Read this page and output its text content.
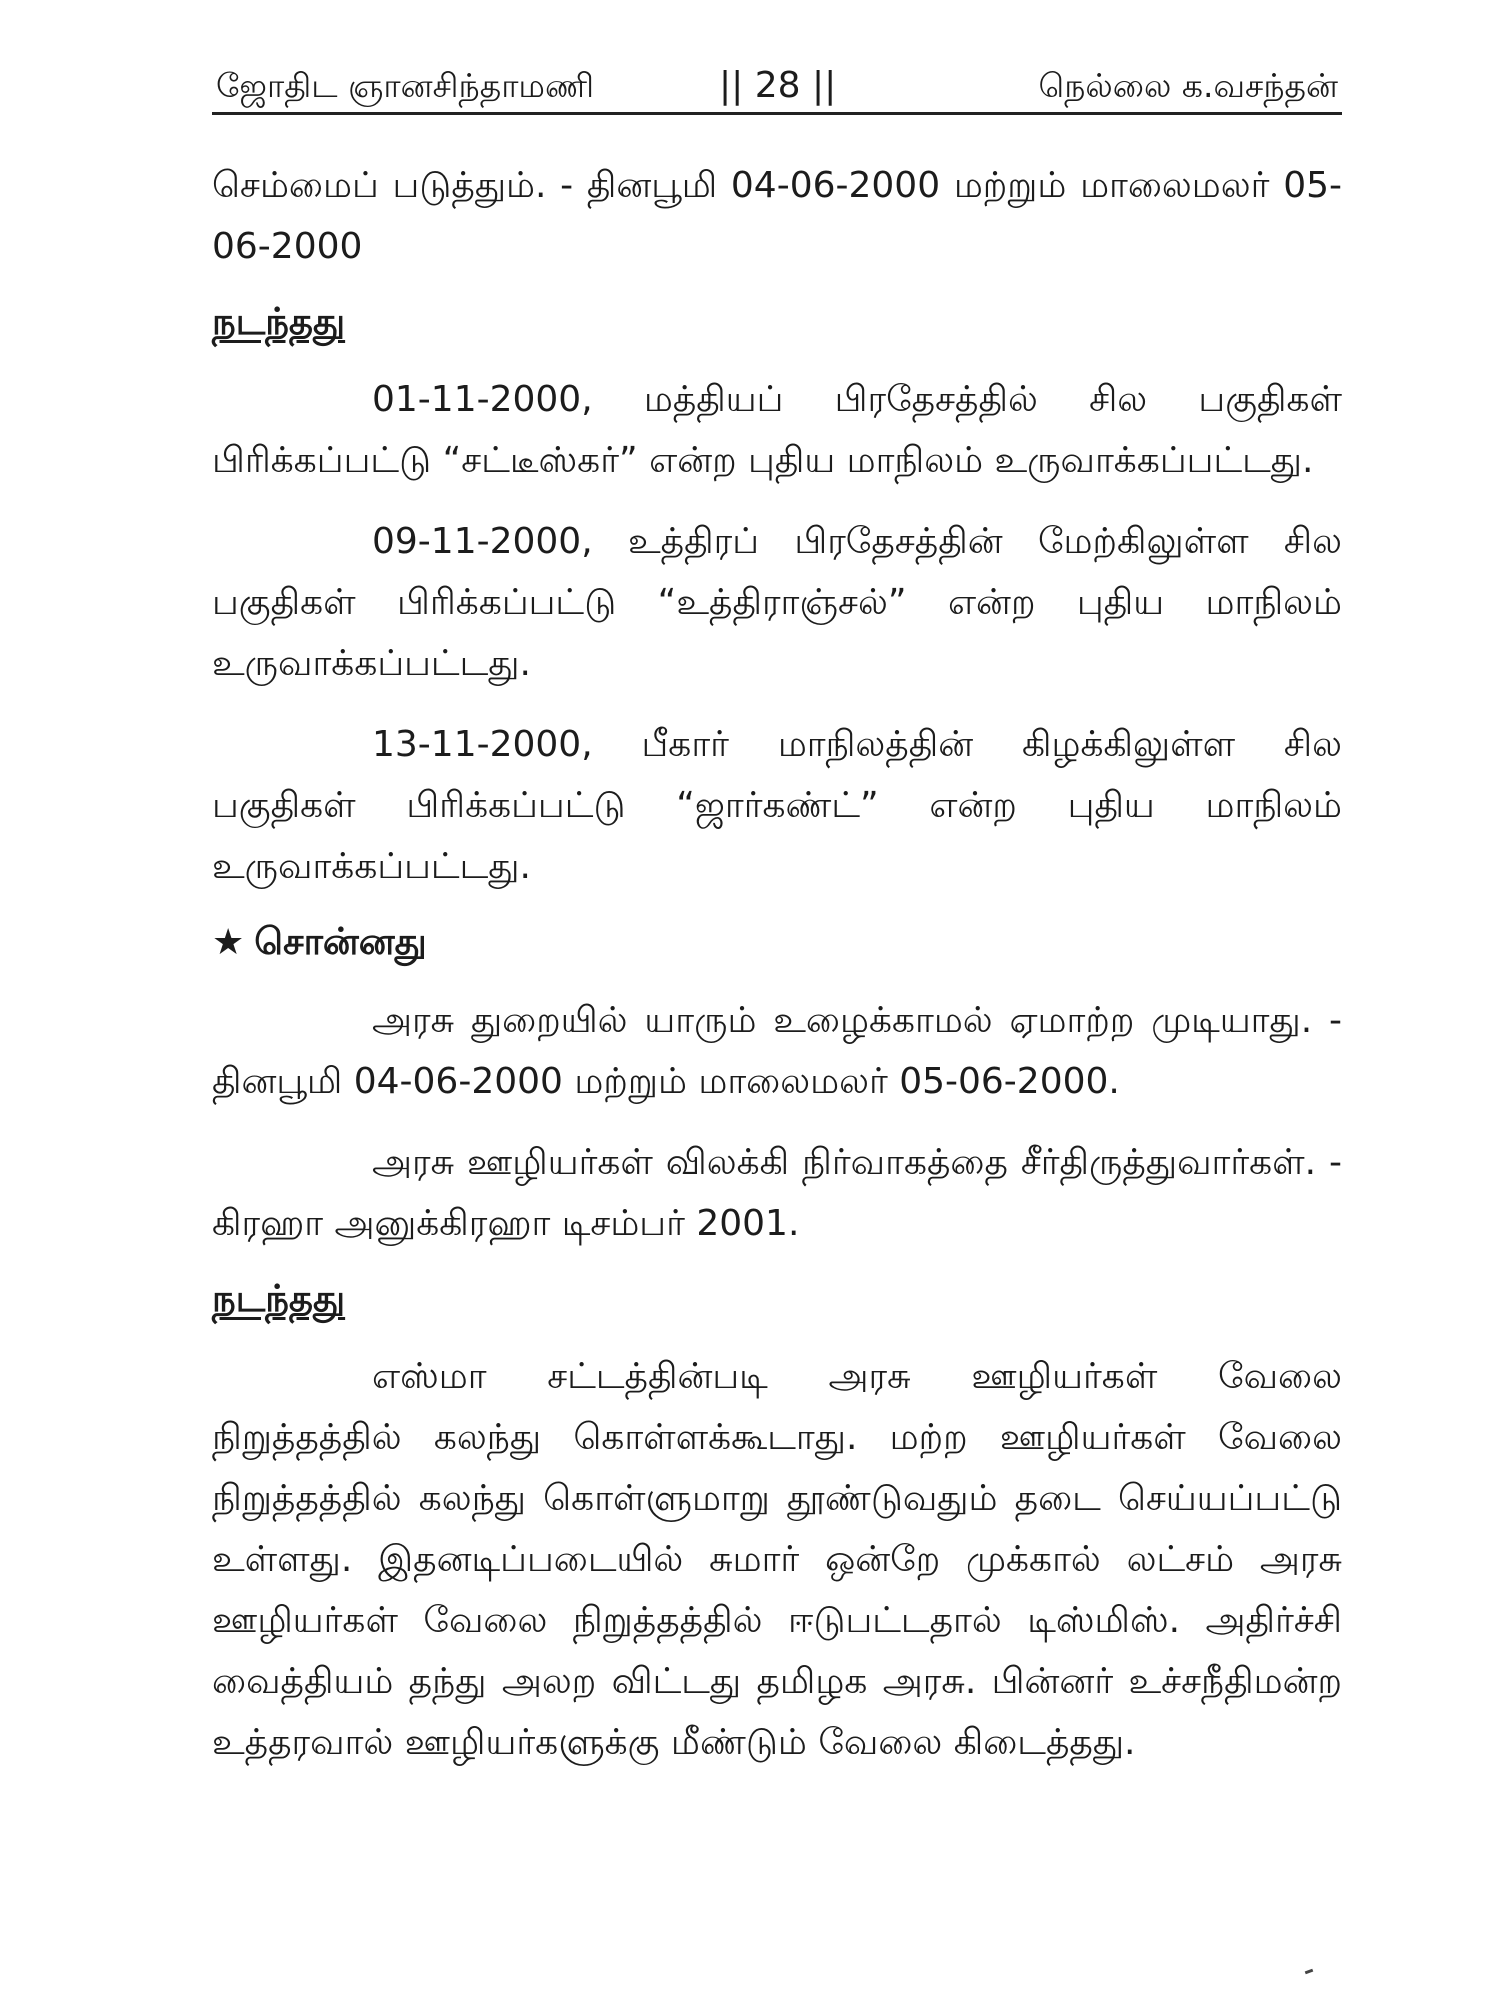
ஜோதிட ஞானசிந்தாமணி	|| 28 ||	நெல்லை க.வசந்தன்

செம்மைப் படுத்தும். - தினபூமி 04-06-2000 மற்றும் மாலைமலர் 05-06-2000

நடந்தது

01-11-2000, மத்தியப் பிரதேசத்தில் சில பகுதிகள் பிரிக்கப்பட்டு “சட்டீஸ்கர்” என்ற புதிய மாநிலம் உருவாக்கப்பட்டது.

09-11-2000, உத்திரப் பிரதேசத்தின் மேற்கிலுள்ள சில பகுதிகள் பிரிக்கப்பட்டு “உத்திராஞ்சல்” என்ற புதிய மாநிலம் உருவாக்கப்பட்டது.

13-11-2000, பீகார் மாநிலத்தின் கிழக்கிலுள்ள சில பகுதிகள் பிரிக்கப்பட்டு “ஜார்கண்ட்” என்ற புதிய மாநிலம் உருவாக்கப்பட்டது.

★ சொன்னது

அரசு துறையில் யாரும் உழைக்காமல் ஏமாற்ற முடியாது. - தினபூமி 04-06-2000 மற்றும் மாலைமலர் 05-06-2000.

அரசு ஊழியர்கள் விலக்கி நிர்வாகத்தை சீர்திருத்துவார்கள். - கிரஹா அனுக்கிரஹா டிசம்பர் 2001.

நடந்தது

எஸ்மா சட்டத்தின்படி அரசு ஊழியர்கள் வேலை நிறுத்தத்தில் கலந்து கொள்ளக்கூடாது. மற்ற ஊழியர்கள் வேலை நிறுத்தத்தில் கலந்து கொள்ளுமாறு தூண்டுவதும் தடை செய்யப்பட்டு உள்ளது. இதனடிப்படையில் சுமார் ஒன்றே முக்கால் லட்சம் அரசு ஊழியர்கள் வேலை நிறுத்தத்தில் ஈடுபட்டதால் டிஸ்மிஸ். அதிர்ச்சி வைத்தியம் தந்து அலற விட்டது தமிழக அரசு. பின்னர் உச்சநீதிமன்ற உத்தரவால் ஊழியர்களுக்கு மீண்டும் வேலை கிடைத்தது.
